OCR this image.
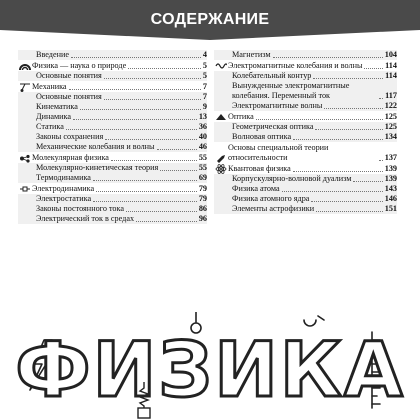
СОДЕРЖАНИЕ
Введение	4
Физика — наука о природе	5
Основные понятия	5
Механика	7
Основные понятия	7
Кинематика	9
Динамика	13
Статика	36
Законы сохранения	40
Механические колебания и волны	46
Молекулярная физика	55
Молекулярно-кинетическая теория	55
Термодинамика	69
Электродинамика	79
Электростатика	79
Законы постоянного тока	86
Электрический ток в средах	96
Магнетизм	104
Электромагнитные колебания и волны	114
Колебательный контур	114
Вынужденные электромагнитные колебания. Переменный ток	117
Электромагнитные волны	122
Оптика	125
Геометрическая оптика	125
Волновая оптика	134
Основы специальной теории относительности	137
Квантовая физика	139
Корпускулярно-волновой дуализм	139
Физика атома	143
Физика атомного ядра	146
Элементы астрофизики	151
ФИЗИКА
